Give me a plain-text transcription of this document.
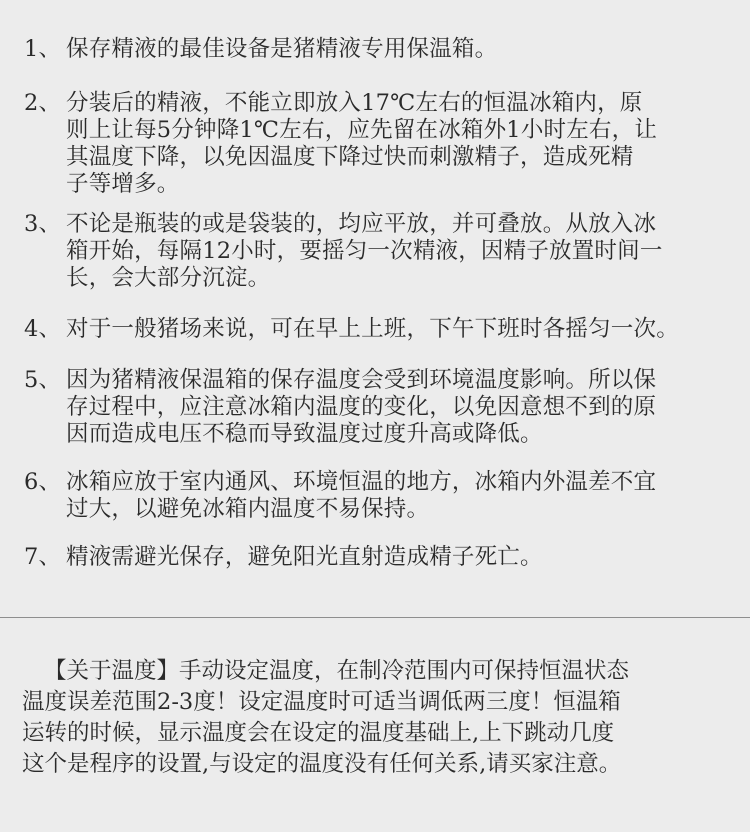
1、 保存精液的最佳设备是猪精液专用保温箱。
2、 分装后的精液，不能立即放入17℃左右的恒温冰箱内，原
则上让每5分钟降1℃左右，应先留在冰箱外1小时左右，让
其温度下降，以免因温度下降过快而刺激精子，造成死精
子等增多。
3、 不论是瓶装的或是袋装的，均应平放，并可叠放。从放入冰
箱开始，每隔12小时，要摇匀一次精液，因精子放置时间一
长，会大部分沉淀。
4、 对于一般猪场来说，可在早上上班，下午下班时各摇匀一次。
5、 因为猪精液保温箱的保存温度会受到环境温度影响。所以保
存过程中，应注意冰箱内温度的变化，以免因意想不到的原
因而造成电压不稳而导致温度过度升高或降低。
6、 冰箱应放于室内通风、环境恒温的地方，冰箱内外温差不宜
过大，以避免冰箱内温度不易保持。
7、 精液需避光保存，避免阳光直射造成精子死亡。
【关于温度】手动设定温度，在制冷范围内可保持恒温状态
温度误差范围2-3度！设定温度时可适当调低两三度！恒温箱
运转的时候，显示温度会在设定的温度基础上,上下跳动几度
这个是程序的设置,与设定的温度没有任何关系,请买家注意。
